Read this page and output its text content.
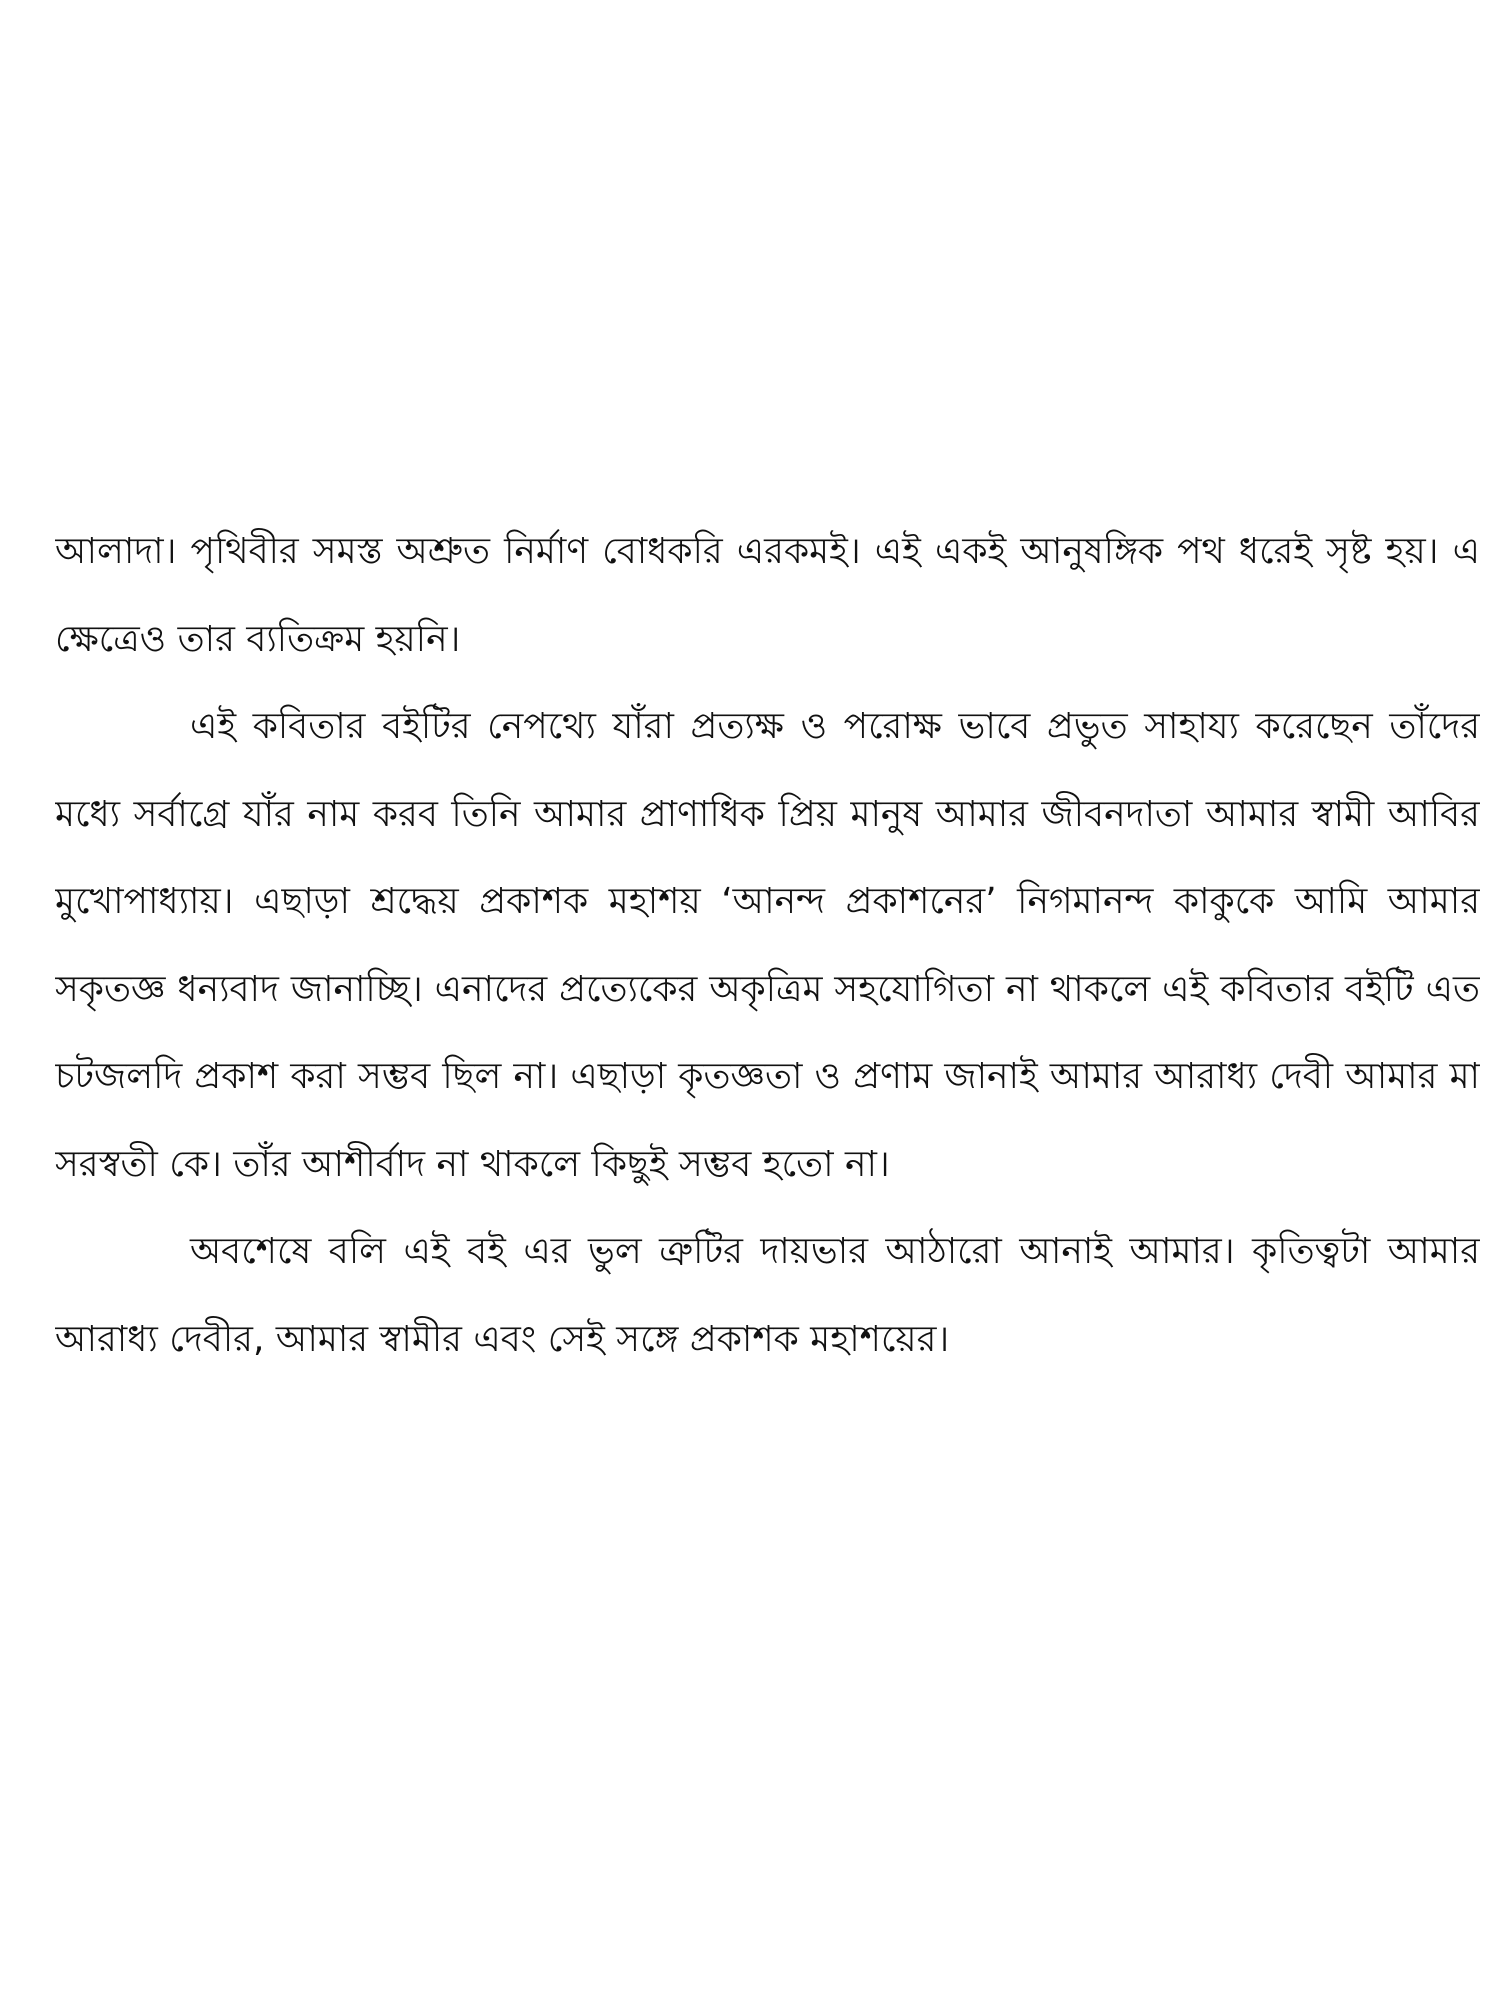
আলাদা। পৃথিবীর সমস্ত অশ্রুত নির্মাণ বোধকরি এরকমই। এই একই আনুষঙ্গিক পথ ধরেই সৃষ্ট হয়। এ ক্ষেত্রেও তার ব্যতিক্রম হয়নি।

এই কবিতার বইটির নেপথ্যে যাঁরা প্রত্যক্ষ ও পরোক্ষ ভাবে প্রভুত সাহায্য করেছেন তাঁদের মধ্যে সর্বাগ্রে যাঁর নাম করব তিনি আমার প্রাণাধিক প্রিয় মানুষ আমার জীবনদাতা আমার স্বামী আবির মুখোপাধ্যায়। এছাড়া শ্রদ্ধেয় প্রকাশক মহাশয় ‘আনন্দ প্রকাশনের’ নিগমানন্দ কাকুকে আমি আমার সকৃতজ্ঞ ধন্যবাদ জানাচ্ছি। এনাদের প্রত্যেকের অকৃত্রিম সহযোগিতা না থাকলে এই কবিতার বইটি এত চটজলদি প্রকাশ করা সম্ভব ছিল না। এছাড়া কৃতজ্ঞতা ও প্রণাম জানাই আমার আরাধ্য দেবী আমার মা সরস্বতী কে। তাঁর আশীর্বাদ না থাকলে কিছুই সম্ভব হতো না।

অবশেষে বলি এই বই এর ভুল ত্রুটির দায়ভার আঠারো আনাই আমার। কৃতিত্বটা আমার আরাধ্য দেবীর, আমার স্বামীর এবং সেই সঙ্গে প্রকাশক মহাশয়ের।
